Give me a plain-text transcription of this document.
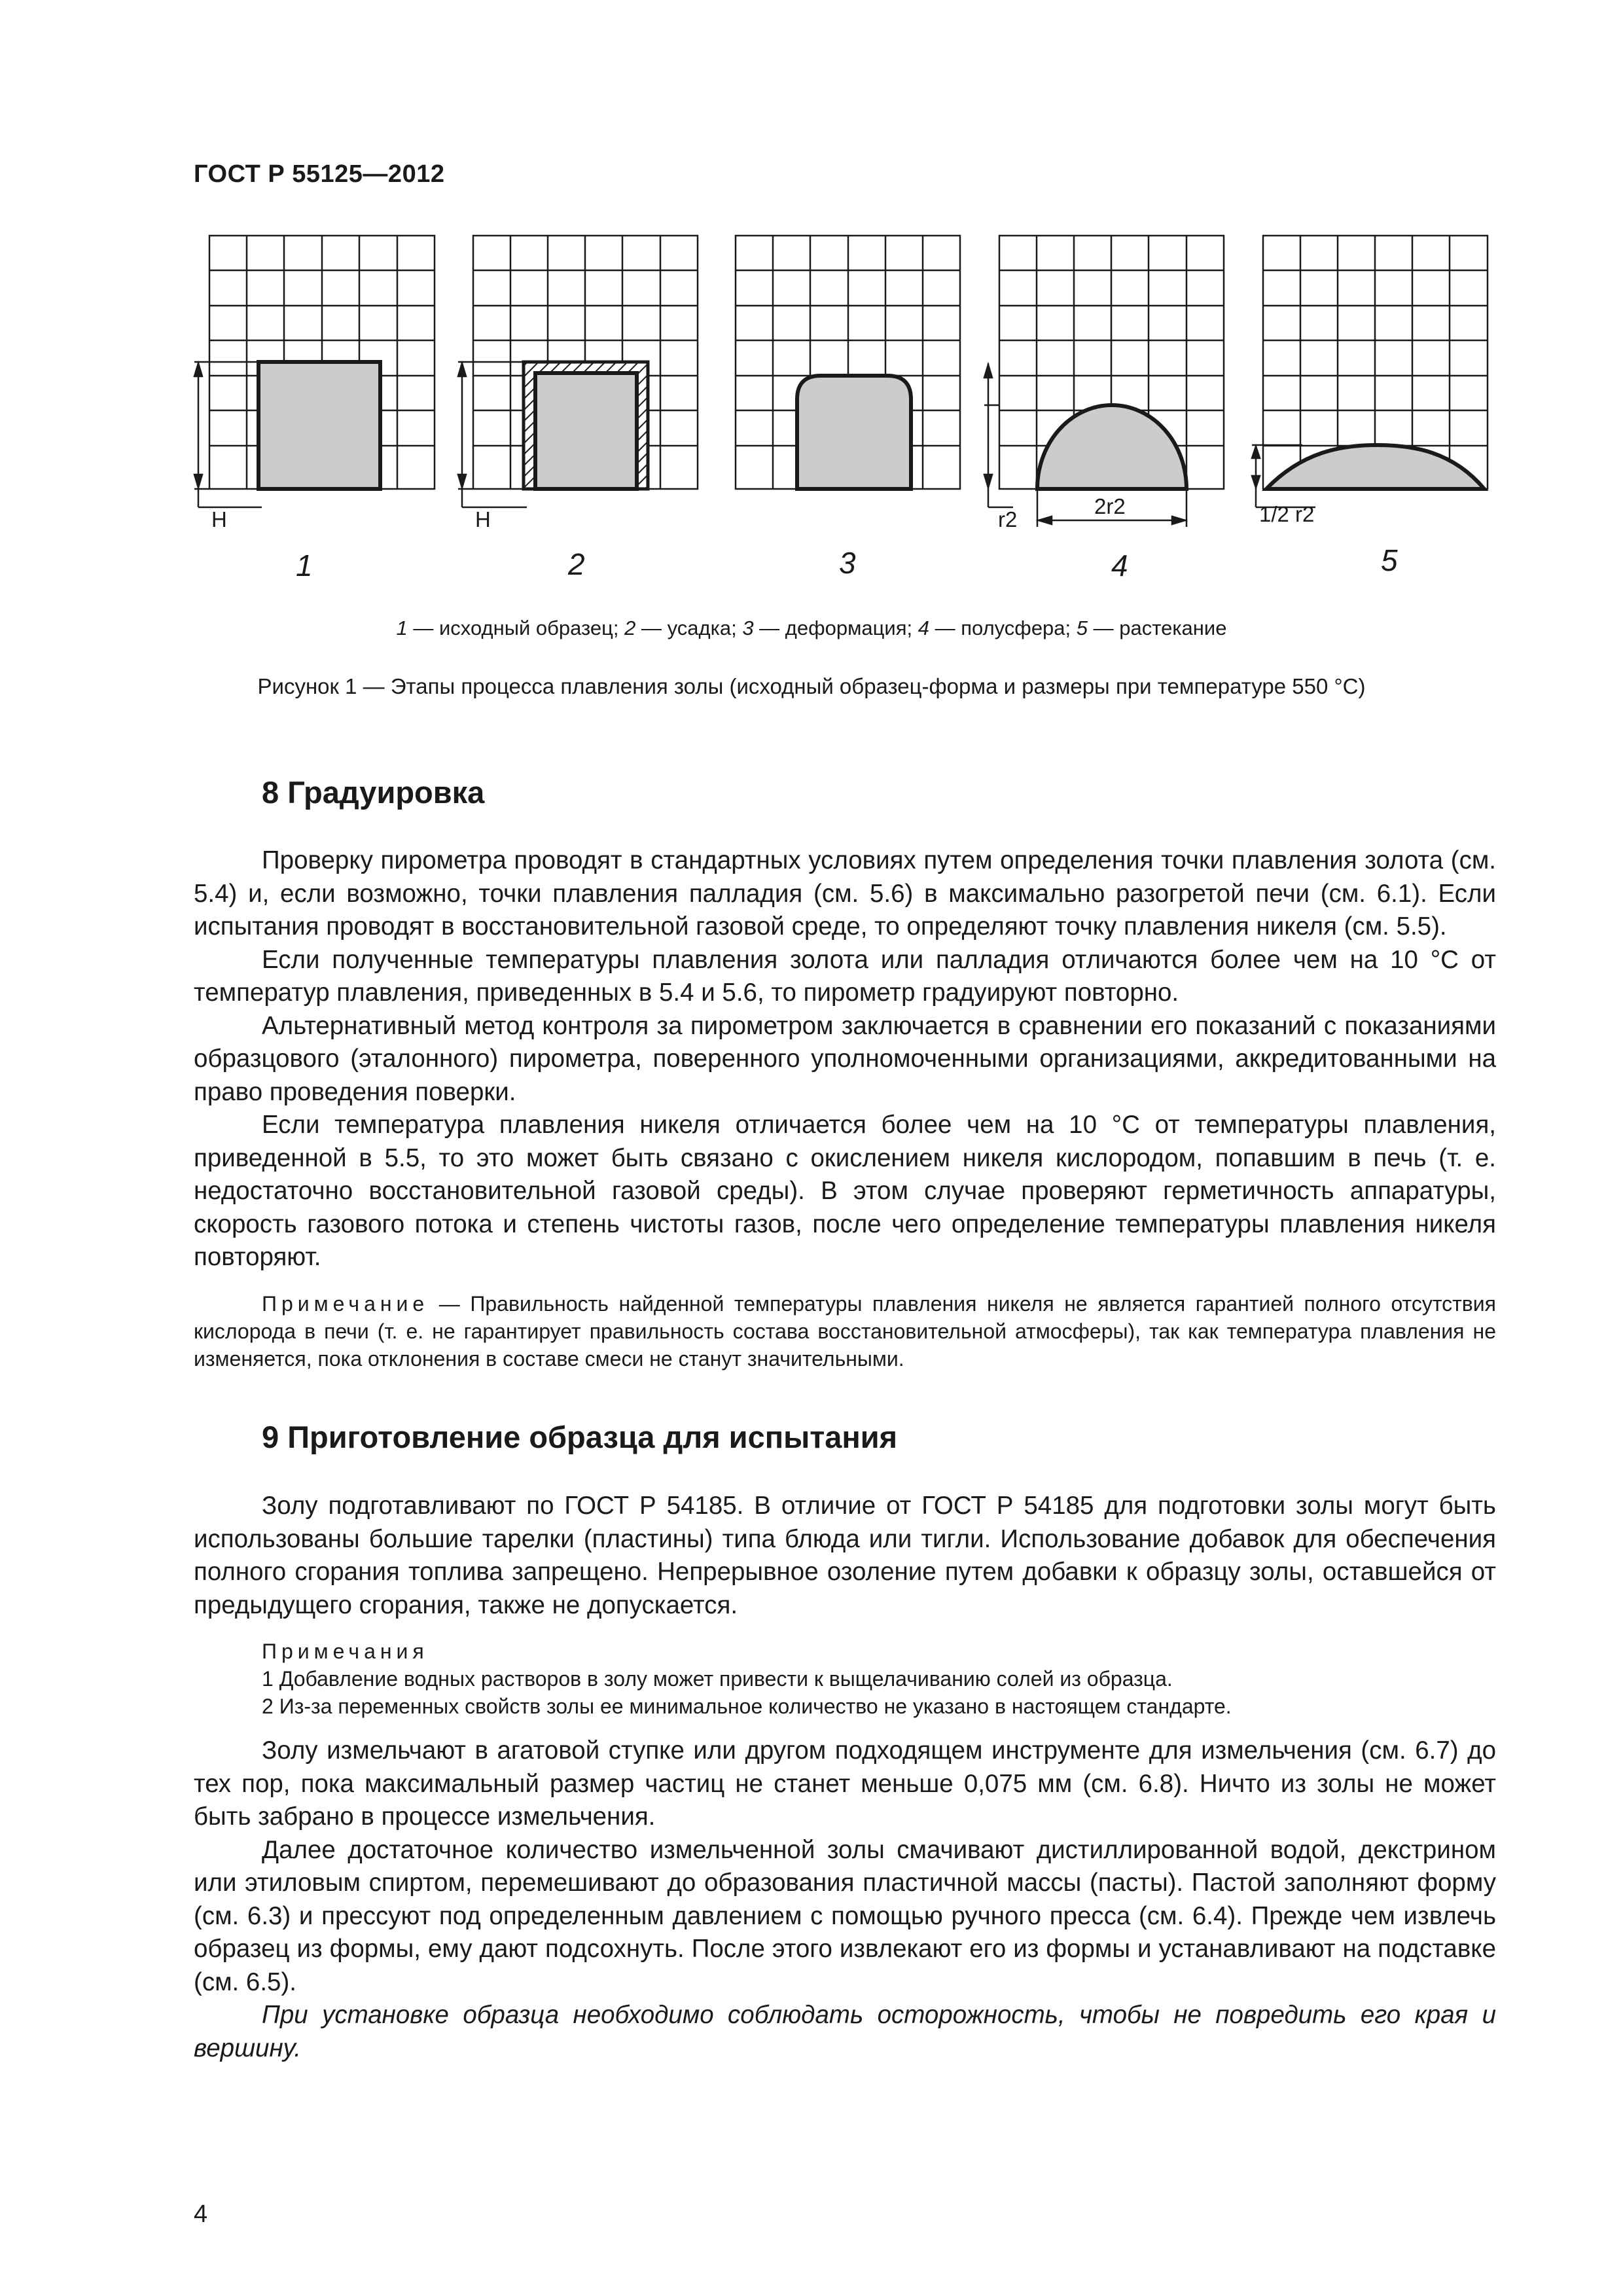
ГОСТ Р 55125—2012
H	H	r2
2r2	1/2 r2
1	2	3	4	5
1 — исходный образец; 2 — усадка; 3 — деформация; 4 — полусфера; 5 — растекание
Рисунок 1 — Этапы процесса плавления золы (исходный образец-форма и размеры при температуре 550 °С)
8 Градуировка

Проверку пирометра проводят в стандартных условиях путем определения точки плавления золота (см. 5.4) и, если возможно, точки плавления палладия (см. 5.6) в максимально разогретой печи (см. 6.1). Если испытания проводят в восстановительной газовой среде, то определяют точку плавления никеля (см. 5.5).

Если полученные температуры плавления золота или палладия отличаются более чем на 10 °С от температур плавления, приведенных в 5.4 и 5.6, то пирометр градуируют повторно.

Альтернативный метод контроля за пирометром заключается в сравнении его показаний с показаниями образцового (эталонного) пирометра, поверенного уполномоченными организациями, аккредитованными на право проведения поверки.

Если температура плавления никеля отличается более чем на 10 °С от температуры плавления, приведенной в 5.5, то это может быть связано с окислением никеля кислородом, попавшим в печь (т. е. недостаточно восстановительной газовой среды). В этом случае проверяют герметичность аппаратуры, скорость газового потока и степень чистоты газов, после чего определение температуры плавления никеля повторяют.

Примечание — Правильность найденной температуры плавления никеля не является гарантией полного отсутствия кислорода в печи (т. е. не гарантирует правильность состава восстановительной атмосферы), так как температура плавления не изменяется, пока отклонения в составе смеси не станут значительными.

9 Приготовление образца для испытания

Золу подготавливают по ГОСТ Р 54185. В отличие от ГОСТ Р 54185 для подготовки золы могут быть использованы большие тарелки (пластины) типа блюда или тигли. Использование добавок для обеспечения полного сгорания топлива запрещено. Непрерывное озоление путем добавки к образцу золы, оставшейся от предыдущего сгорания, также не допускается.

Примечания

1 Добавление водных растворов в золу может привести к выщелачиванию солей из образца.

2 Из-за переменных свойств золы ее минимальное количество не указано в настоящем стандарте.

Золу измельчают в агатовой ступке или другом подходящем инструменте для измельчения (см. 6.7) до тех пор, пока максимальный размер частиц не станет меньше 0,075 мм (см. 6.8). Ничто из золы не может быть забрано в процессе измельчения.

Далее достаточное количество измельченной золы смачивают дистиллированной водой, декстрином или этиловым спиртом, перемешивают до образования пластичной массы (пасты). Пастой заполняют форму (см. 6.3) и прессуют под определенным давлением с помощью ручного пресса (см. 6.4). Прежде чем извлечь образец из формы, ему дают подсохнуть. После этого извлекают его из формы и устанавливают на подставке (см. 6.5).

При установке образца необходимо соблюдать осторожность, чтобы не повредить его края и вершину.

4
